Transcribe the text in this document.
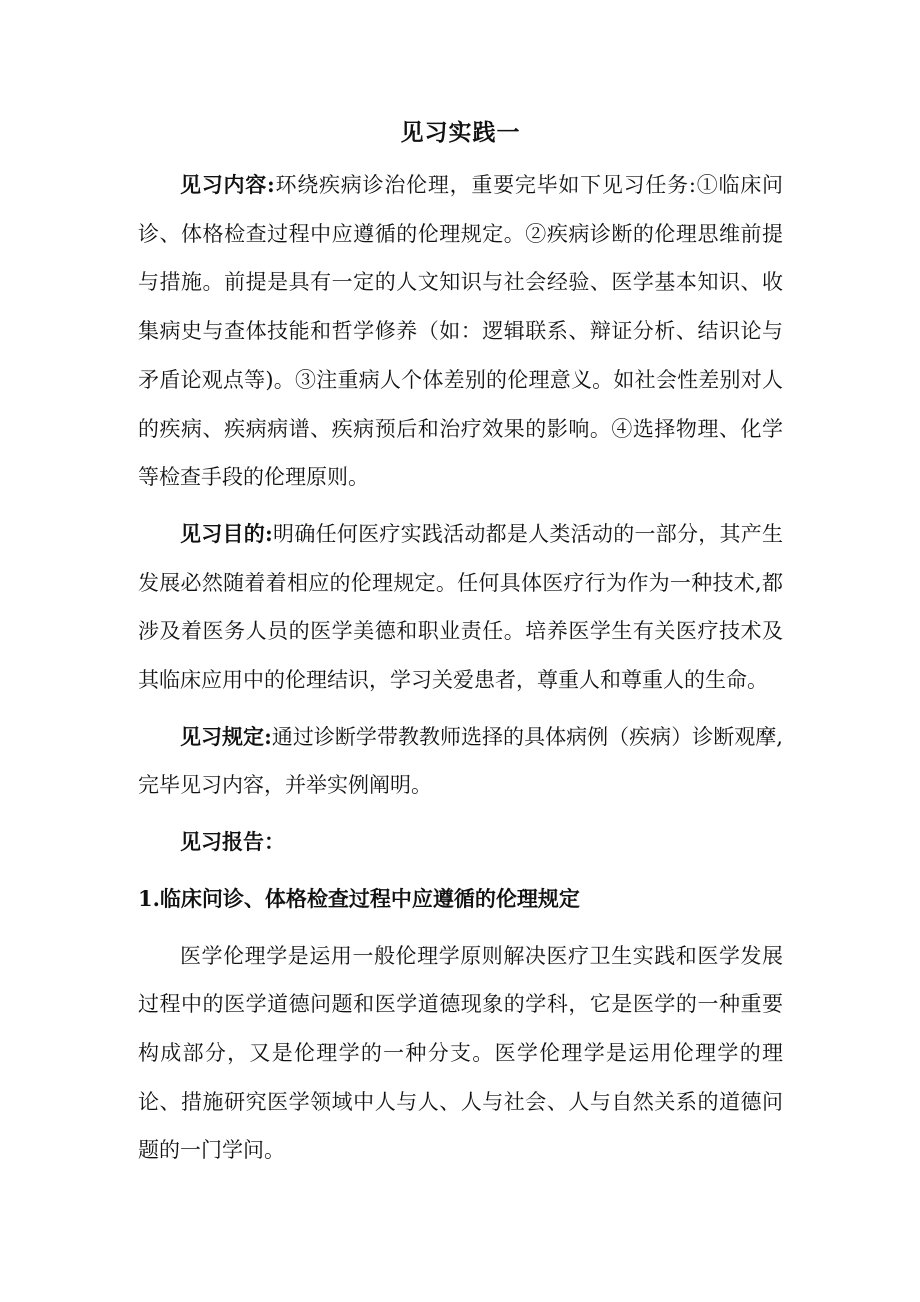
见习实践一

见习内容:环绕疾病诊治伦理，重要完毕如下见习任务:①临床问诊、体格检查过程中应遵循的伦理规定。②疾病诊断的伦理思维前提与措施。前提是具有一定的人文知识与社会经验、医学基本知识、收集病史与查体技能和哲学修养（如：逻辑联系、辩证分析、结识论与矛盾论观点等)。③注重病人个体差别的伦理意义。如社会性差别对人的疾病、疾病病谱、疾病预后和治疗效果的影响。④选择物理、化学等检查手段的伦理原则。

见习目的:明确任何医疗实践活动都是人类活动的一部分，其产生发展必然随着着相应的伦理规定。任何具体医疗行为作为一种技术,都涉及着医务人员的医学美德和职业责任。培养医学生有关医疗技术及其临床应用中的伦理结识，学习关爱患者，尊重人和尊重人的生命。

见习规定:通过诊断学带教教师选择的具体病例（疾病）诊断观摩,完毕见习内容，并举实例阐明。

见习报告：

1.临床问诊、体格检查过程中应遵循的伦理规定

医学伦理学是运用一般伦理学原则解决医疗卫生实践和医学发展过程中的医学道德问题和医学道德现象的学科，它是医学的一种重要构成部分，又是伦理学的一种分支。医学伦理学是运用伦理学的理论、措施研究医学领域中人与人、人与社会、人与自然关系的道德问题的一门学问。
